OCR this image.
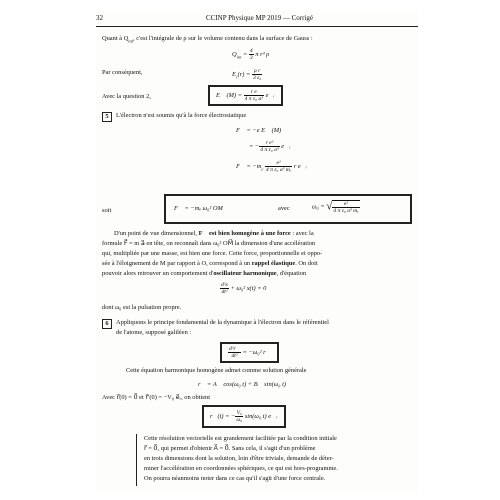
32	CCINP Physique MP 2019 — Corrigé
Quant à $Q_{int}$, c'est l'intégrale de ρ sur le volume contenu dans la surface de Gauss :
$Q_{int} = \frac{4}{3}$ π r³ ρ
Par conséquent,	$E_r(r) = \frac{\text{ρ r}}{\text{3 ε₀}}$
Avec la question 2,	E⃗ $(M) = \frac{\text{r e}}{\text{4 π ε₀ a³}}$ e⃗ᵣ
5	L'électron n'est soumis qu'à la force électrostatique
F⃗ = −e E⃗ (M)
= − $\frac{\text{r e²}}{\text{4 π ε₀ a³}}$ e⃗ᵣ
F⃗ = $-m_e \frac{\text{e²}}{\text{4 π ε₀ a³ mₑ}}$ r e⃗ᵣ
soit	F⃗ = −mₑ ω₀² OM⃗	avec	ω₀ = √ $\frac{\text{e²}}{\text{4 π ε₀ a³ mₑ}}$
D'un point de vue dimensionnel, F⃗ est bien homogène à une force : avec la
formule F⃗ = m a⃗ en tête, on reconnaît dans ω₀² OM⃗ la dimension d'une accélération
qui, multipliée par une masse, est bien une force. Cette force, proportionnelle et oppo-
sée à l'éloignement de M par rapport à O, correspond à un rappel élastique. On doit
pouvoir alors retrouver un comportement d'oscillateur harmonique, d'équation
$\frac{\text{d²x}}{\text{dt²}} + \omega_0^2$ x(t) = 0
dont ω₀ est la pulsation propre.
6	Appliquons le principe fondamental de la dynamique à l'électron dans le référentiel
de l'atome, supposé galiléen :
$\frac{\text{d²r⃗}}{\text{dt²}} = -\omega_0^2$ r⃗
Cette équation harmonique homogène admet comme solution générale
r⃗ = A⃗ cos(ω₀ t) + B⃗ sin(ω₀ t)
Avec r⃗(0) = 0⃗ et r⃗′(0) = −V₀ e⃗ᵣ, on obtient
r⃗(t) = − $\frac{\text{V₀}}{\text{ω₀}} \sin(\omega_0$ t) e⃗ᵣ
Cette résolution vectorielle est grandement facilitée par la condition initiale
r⃗ = 0⃗, qui permet d'obtenir A⃗ = 0⃗. Sans cela, il s'agit d'un problème
en trois dimensions dont la solution, loin d'être triviale, demande de déter-
miner l'accélération en coordonnées sphériques, ce qui est hors-programme.
On pourra néanmoins noter dans ce cas qu'il s'agit d'une force centrale.
